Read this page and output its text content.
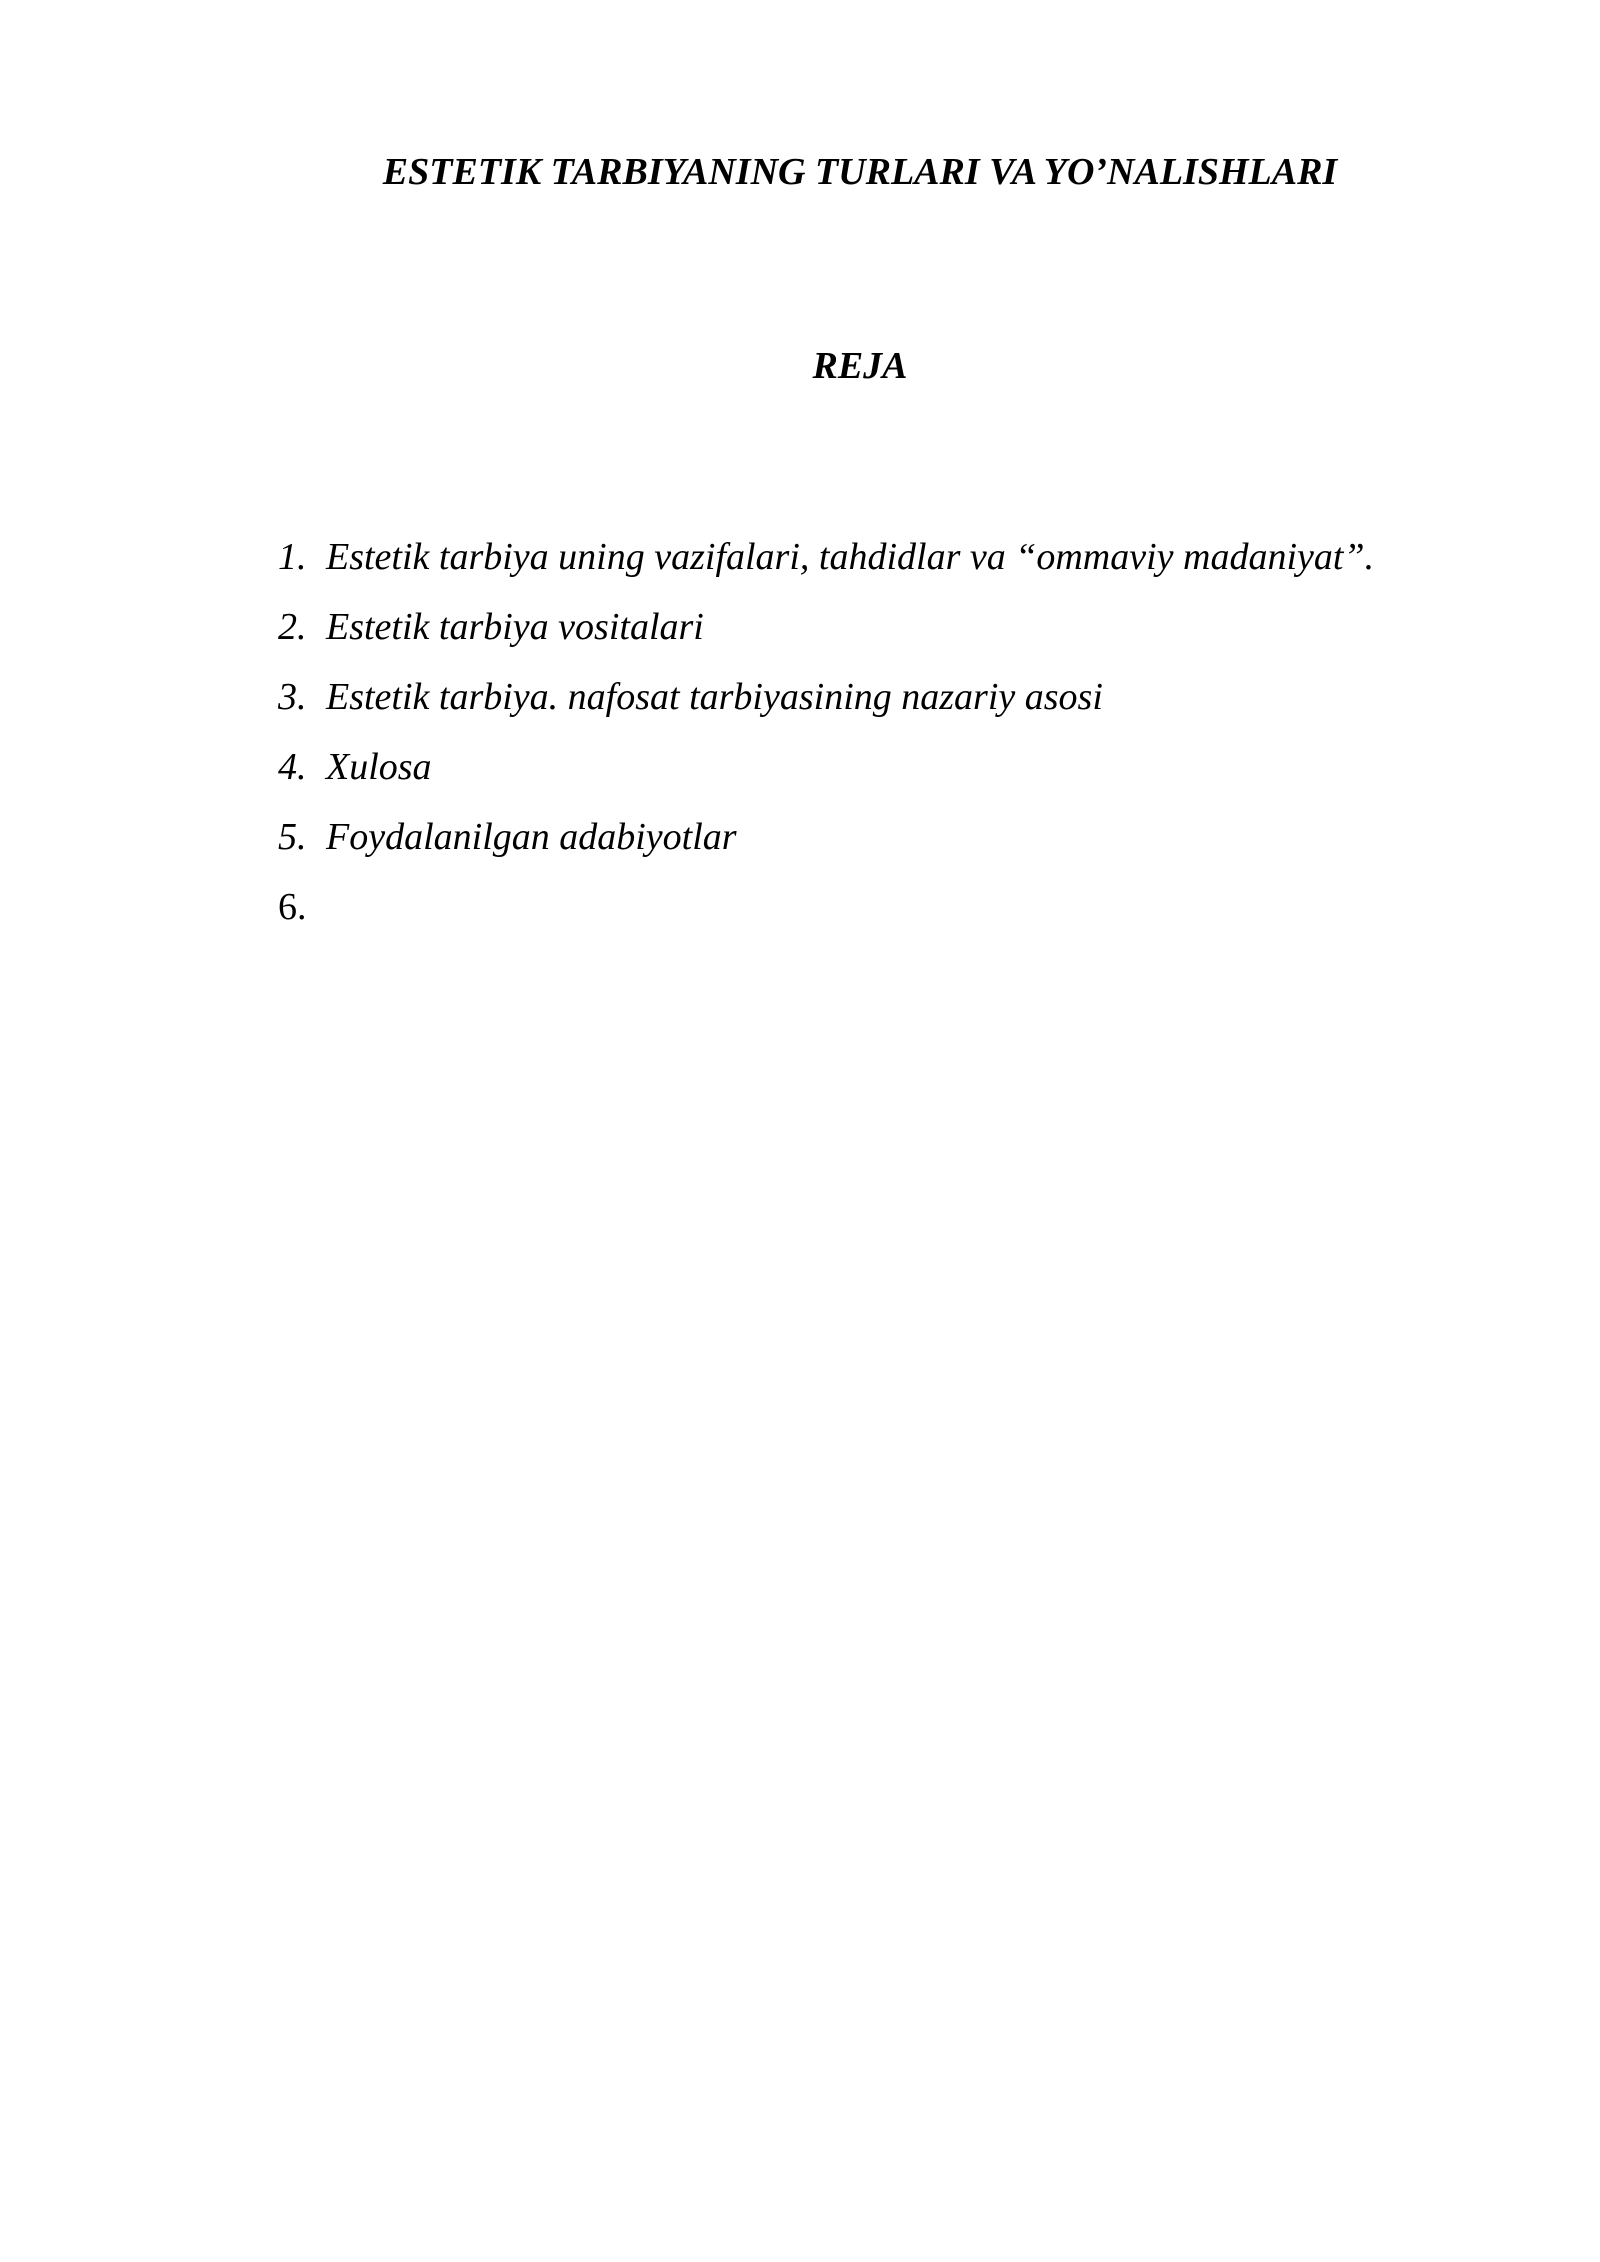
ESTETIK TARBIYANING TURLARI VA YO’NALISHLARI
REJA
1. Estetik tarbiya uning vazifalari, tahdidlar va “ommaviy madaniyat”.
2. Estetik tarbiya vositalari
3. Estetik tarbiya. nafosat tarbiyasining nazariy asosi
4. Xulosa
5. Foydalanilgan adabiyotlar
6.
